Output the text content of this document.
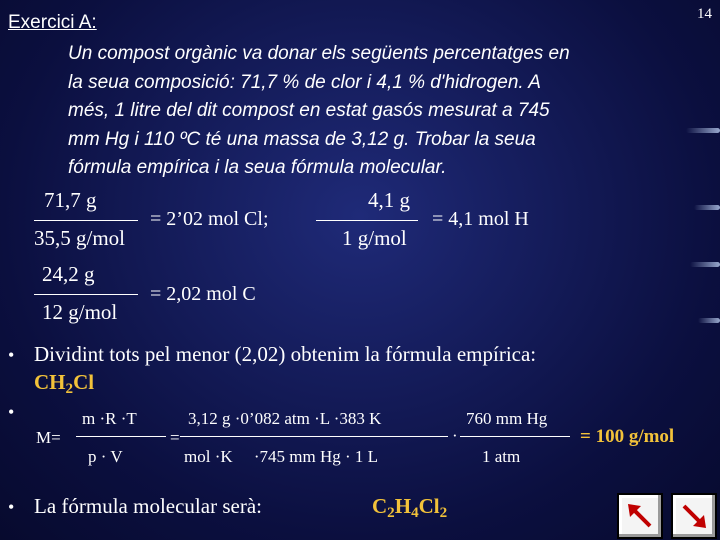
14
Exercici A:
Un compost orgànic va donar els següents percentatges en
la seua composició: 71,7 % de clor i 4,1 % d'hidrogen. A
més, 1 litre del dit compost en estat gasós mesurat a 745
mm Hg i 110 ºC té una massa de 3,12 g. Trobar la seua
fórmula empírica i la seua fórmula molecular.
71,7 g
35,5 g/mol
= 2’02 mol Cl;
4,1 g
1 g/mol
= 4,1 mol H
24,2 g
12 g/mol
= 2,02 mol C
• Dividint tots pel menor (2,02) obtenim la fórmula empírica:
$CH_2Cl$
•
M=
m ·R ·T
p · V
=
3,12 g ·0’082 atm ·L ·383 K
mol ·K     ·745 mm Hg · 1 L
·
760 mm Hg
1 atm
= 100 g/mol
• La fórmula molecular serà:	$C_2H_4Cl_2$
